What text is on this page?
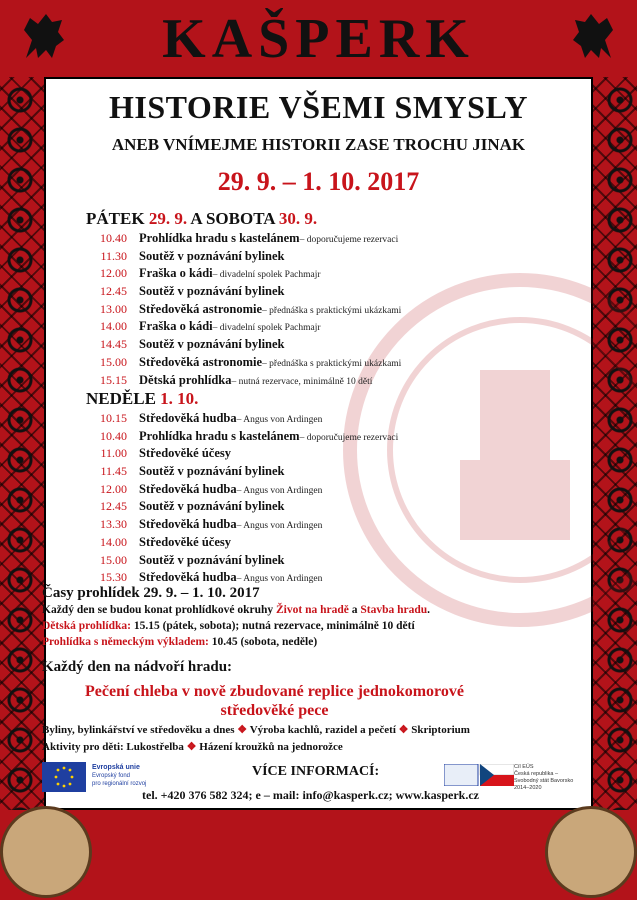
KAŠPERK
HISTORIE VŠEMI SMYSLY
ANEB VNÍMEJME HISTORII ZASE TROCHU JINAK
29. 9. – 1. 10. 2017
PÁTEK 29. 9. A SOBOTA 30. 9.
10.40 Prohlídka hradu s kastelánem – doporučujeme rezervaci
11.30 Soutěž v poznávání bylinek
12.00 Fraška o kádi – divadelní spolek Pachmajr
12.45 Soutěž v poznávání bylinek
13.00 Středověká astronomie – přednáška s praktickými ukázkami
14.00 Fraška o kádi – divadelní spolek Pachmajr
14.45 Soutěž v poznávání bylinek
15.00 Středověká astronomie – přednáška s praktickými ukázkami
15.15 Dětská prohlídka – nutná rezervace, minimálně 10 dětí
NEDĚLE 1. 10.
10.15 Středověká hudba – Angus von Ardingen
10.40 Prohlídka hradu s kastelánem – doporučujeme rezervaci
11.00 Středověké účesy
11.45 Soutěž v poznávání bylinek
12.00 Středověká hudba – Angus von Ardingen
12.45 Soutěž v poznávání bylinek
13.30 Středověká hudba – Angus von Ardingen
14.00 Středověké účesy
15.00 Soutěž v poznávání bylinek
15.30 Středověká hudba – Angus von Ardingen
Časy prohlídek 29. 9. – 1. 10. 2017
Každý den se budou konat prohlídkové okruhy Život na hradě a Stavba hradu.
Dětská prohlídka: 15.15 (pátek, sobota); nutná rezervace, minimálně 10 dětí
Prohlídka s německým výkladem: 10.45 (sobota, neděle)
Každý den na nádvoří hradu:
Pečení chleba v nově zbudované replice jednokomorové
středověké pece
Byliny, bylinkářství ve středověku a dnes ❖ Výroba kachlů, razidel a pečetí ❖ Skriptorium
Aktivity pro děti: Lukostřelba ❖ Házení kroužků na jednorožce
Evropská unie
Evropský fond
pro regionální rozvoj
VÍCE INFORMACÍ:
tel. +420 376 582 324; e – mail: info@kasperk.cz; www.kasperk.cz
Cíl EÚS
Česká republika –
Svobodný stát Bavorsko
2014–2020
